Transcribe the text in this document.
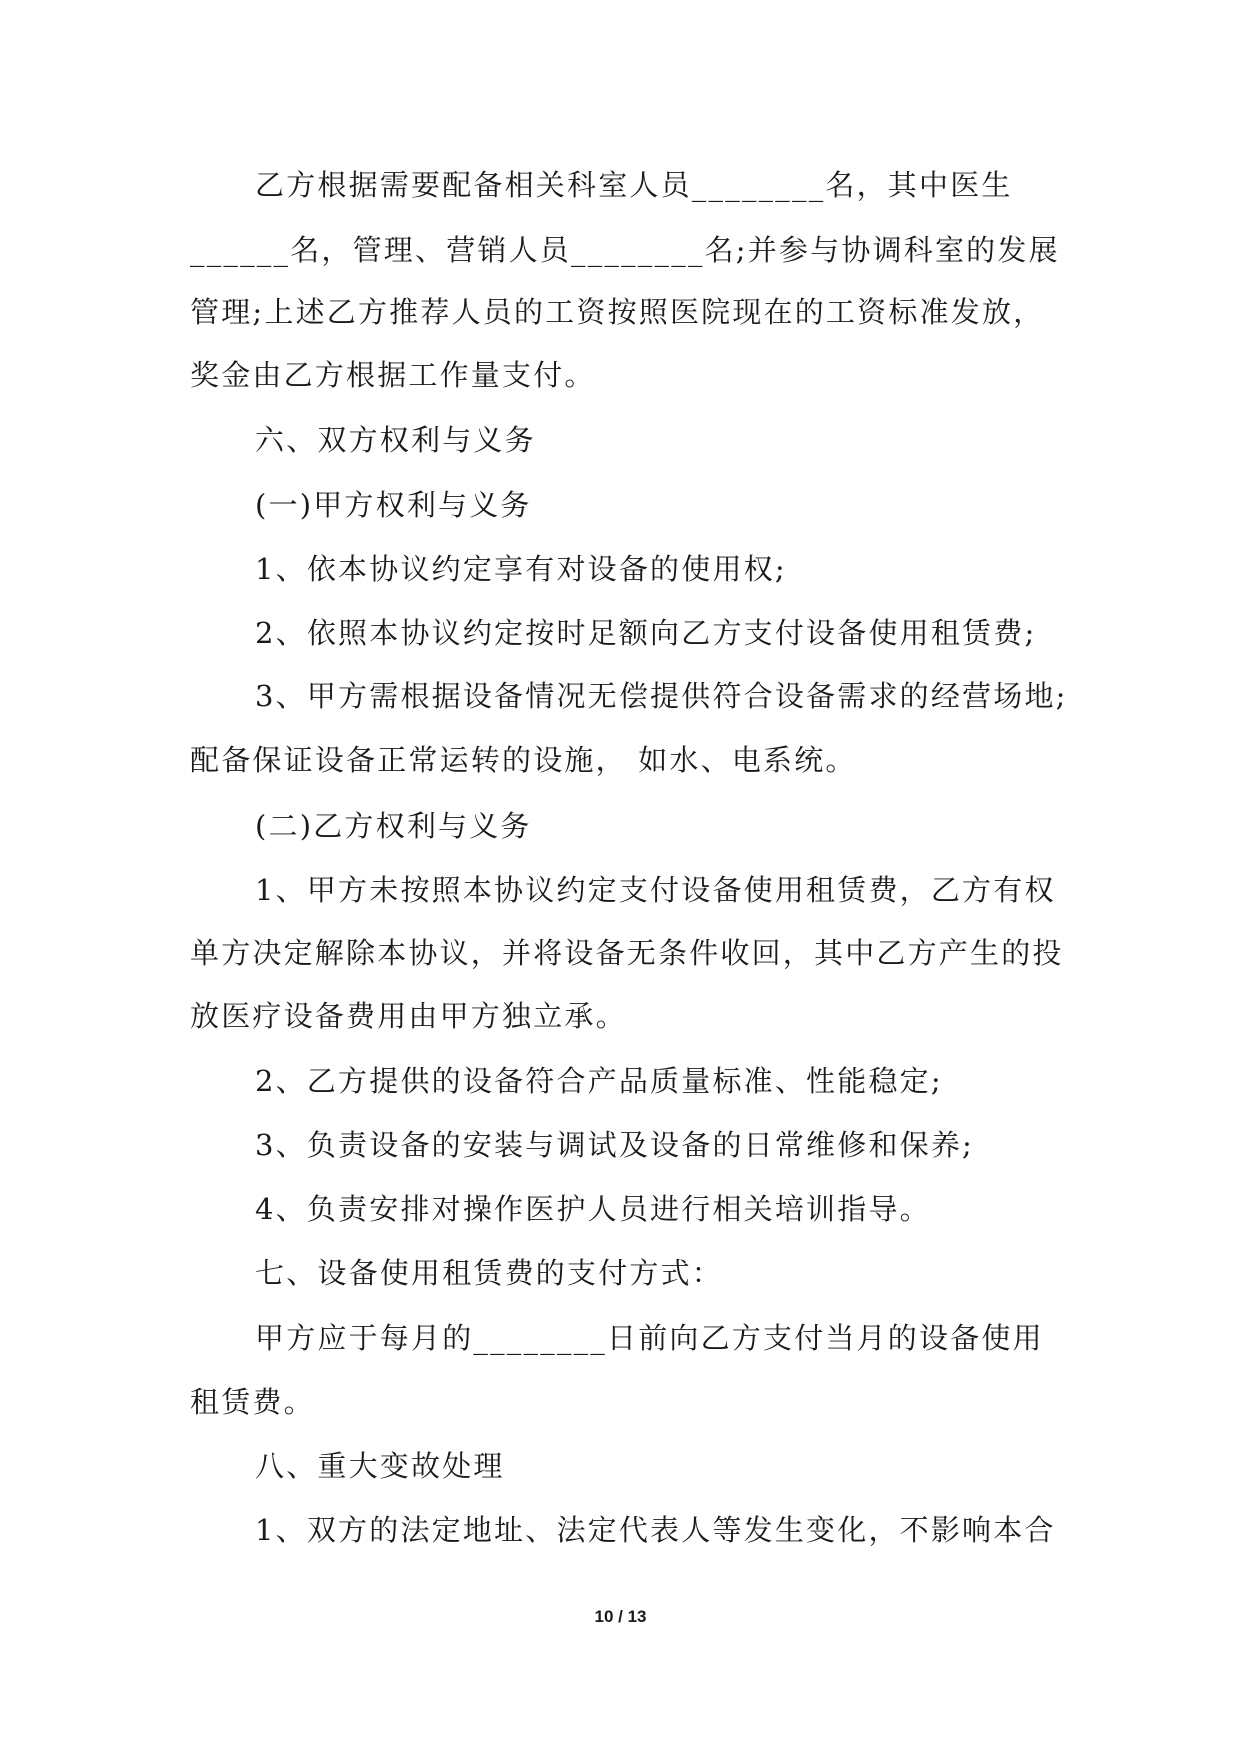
乙方根据需要配备相关科室人员________名，其中医生
______名，管理、营销人员________名;并参与协调科室的发展
管理;上述乙方推荐人员的工资按照医院现在的工资标准发放，
奖金由乙方根据工作量支付。
六、双方权利与义务
(一)甲方权利与义务
1、依本协议约定享有对设备的使用权;
2、依照本协议约定按时足额向乙方支付设备使用租赁费;
3、甲方需根据设备情况无偿提供符合设备需求的经营场地;
配备保证设备正常运转的设施， 如水、电系统。
(二)乙方权利与义务
1、甲方未按照本协议约定支付设备使用租赁费，乙方有权
单方决定解除本协议，并将设备无条件收回，其中乙方产生的投
放医疗设备费用由甲方独立承。
2、乙方提供的设备符合产品质量标准、性能稳定;
3、负责设备的安装与调试及设备的日常维修和保养;
4、负责安排对操作医护人员进行相关培训指导。
七、设备使用租赁费的支付方式：
甲方应于每月的________日前向乙方支付当月的设备使用
租赁费。
八、重大变故处理
1、双方的法定地址、法定代表人等发生变化，不影响本合
10 / 13
